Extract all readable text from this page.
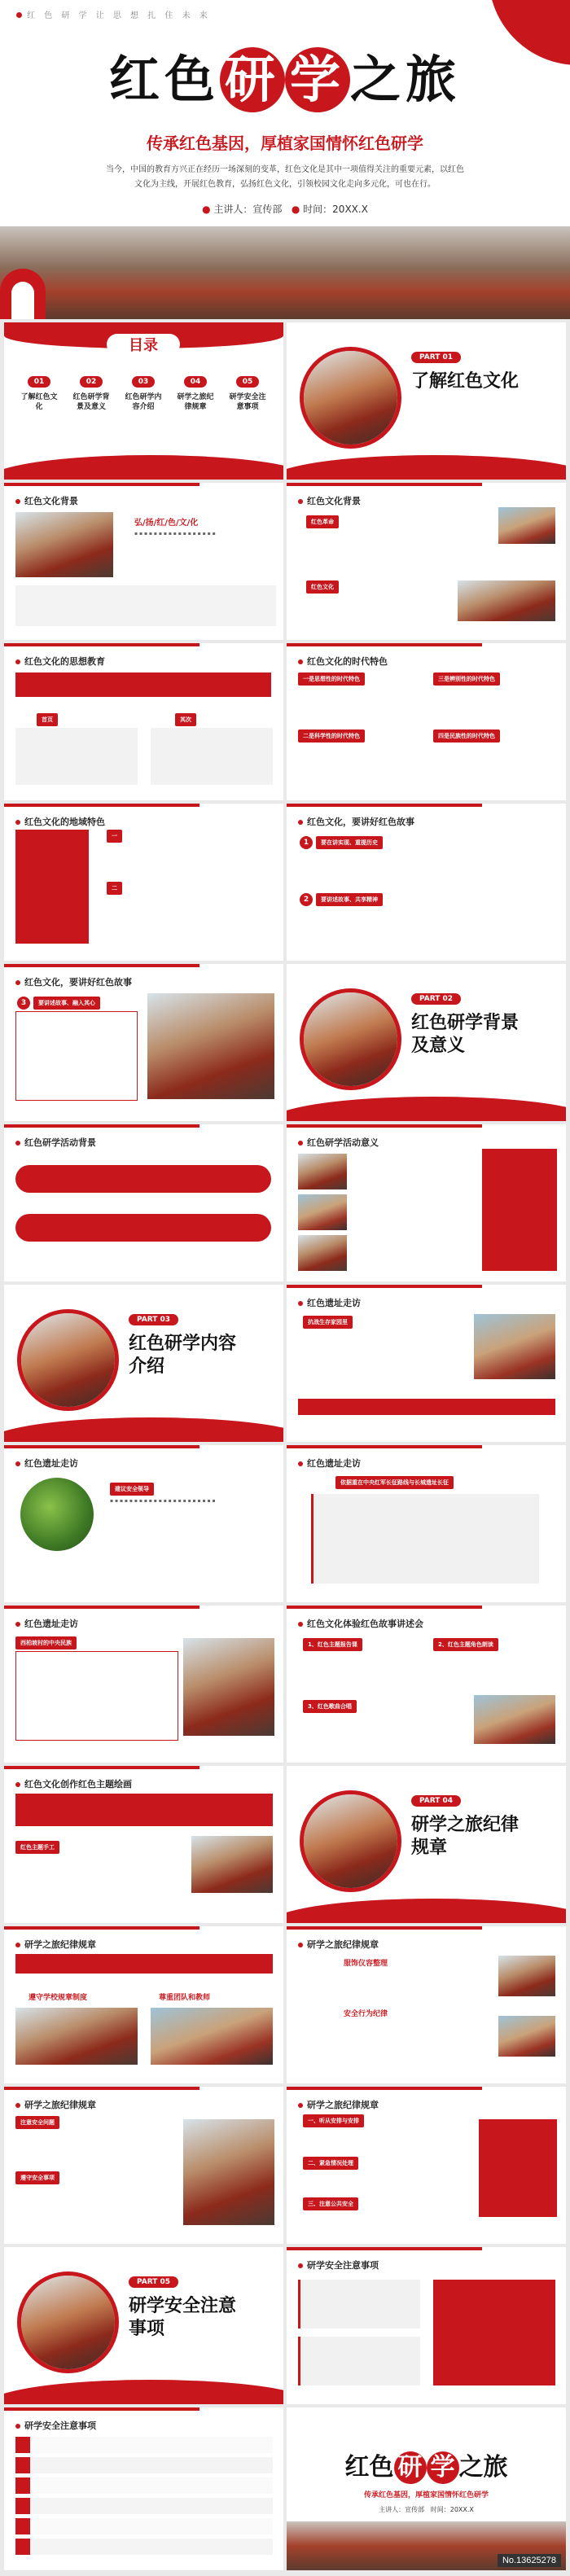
红 色 研 学 让 思 想 扎 住 未 来
红色研 学之旅
传承红色基因，厚植家国情怀红色研学
当今，中国的教育方兴正在经历一场深刻的变革，红色文化是其中一项值得关注的重要元素，以红色文化为主线，开展红色教育，弘扬红色文化，引领校园文化走向多元化，可也在行。
● 主讲人：宣传部 ● 时间：20XX.X
目录
01
了解红色文化
02
红色研学背景及意义
03
红色研学内容介绍
04
研学之旅纪律规章
05
研学安全注意事项
PART 01
了解红色文化
红色文化背景
弘/扬/红/色/文/化
▪ ▪ ▪ ▪ ▪ ▪ ▪ ▪ ▪ ▪ ▪ ▪ ▪ ▪ ▪ ▪ ▪
红色文化背景
红色革命
红色文化
红色文化的思想教育
首页	其次
红色文化的时代特色
一是思想性的时代特色	三是辨别性的时代特色
二是科学性的时代特色	四是民族性的时代特色
红色文化的地域特色
一
二
红色文化，要讲好红色故事
1	要在讲实现、重提历史
2	要讲述故事、共享精神
红色文化，要讲好红色故事
3	要讲述故事、融入其心	PART 02
红色研学背景及意义
红色研学活动背景	红色研学活动意义
PART 03
红色研学内容介绍
红色遗址走访
抗战生存家园里
红色遗址走访
建议安全领导
▪ ▪ ▪ ▪ ▪ ▪ ▪ ▪ ▪ ▪ ▪ ▪ ▪ ▪ ▪ ▪ ▪ ▪ ▪ ▪ ▪ ▪
红色遗址走访
依据重在中央红军长征路线与长城遗址长征
红色遗址走访
西柏坡村的中央民族
红色文化体验红色故事讲述会
1、红色主题报告课	2、红色主题角色朗读
3、红色歌曲合唱
红色文化创作红色主题绘画
红色主题手工
PART 04
研学之旅纪律规章
研学之旅纪律规章
遵守学校规章制度	尊重团队和教师
研学之旅纪律规章
服饰仪容整理
安全行为纪律
研学之旅纪律规章
注意安全问题
遵守安全事项
研学之旅纪律规章
一、听从安排与安排
二、紧急情况处理
三、注意公共安全
PART 05
研学安全注意事项
研学安全注意事项
研学安全注意事项
红色 研 学 之旅
传承红色基因，厚植家国情怀红色研学
主讲人：宣传部 时间：20XX.X
No.13625278
